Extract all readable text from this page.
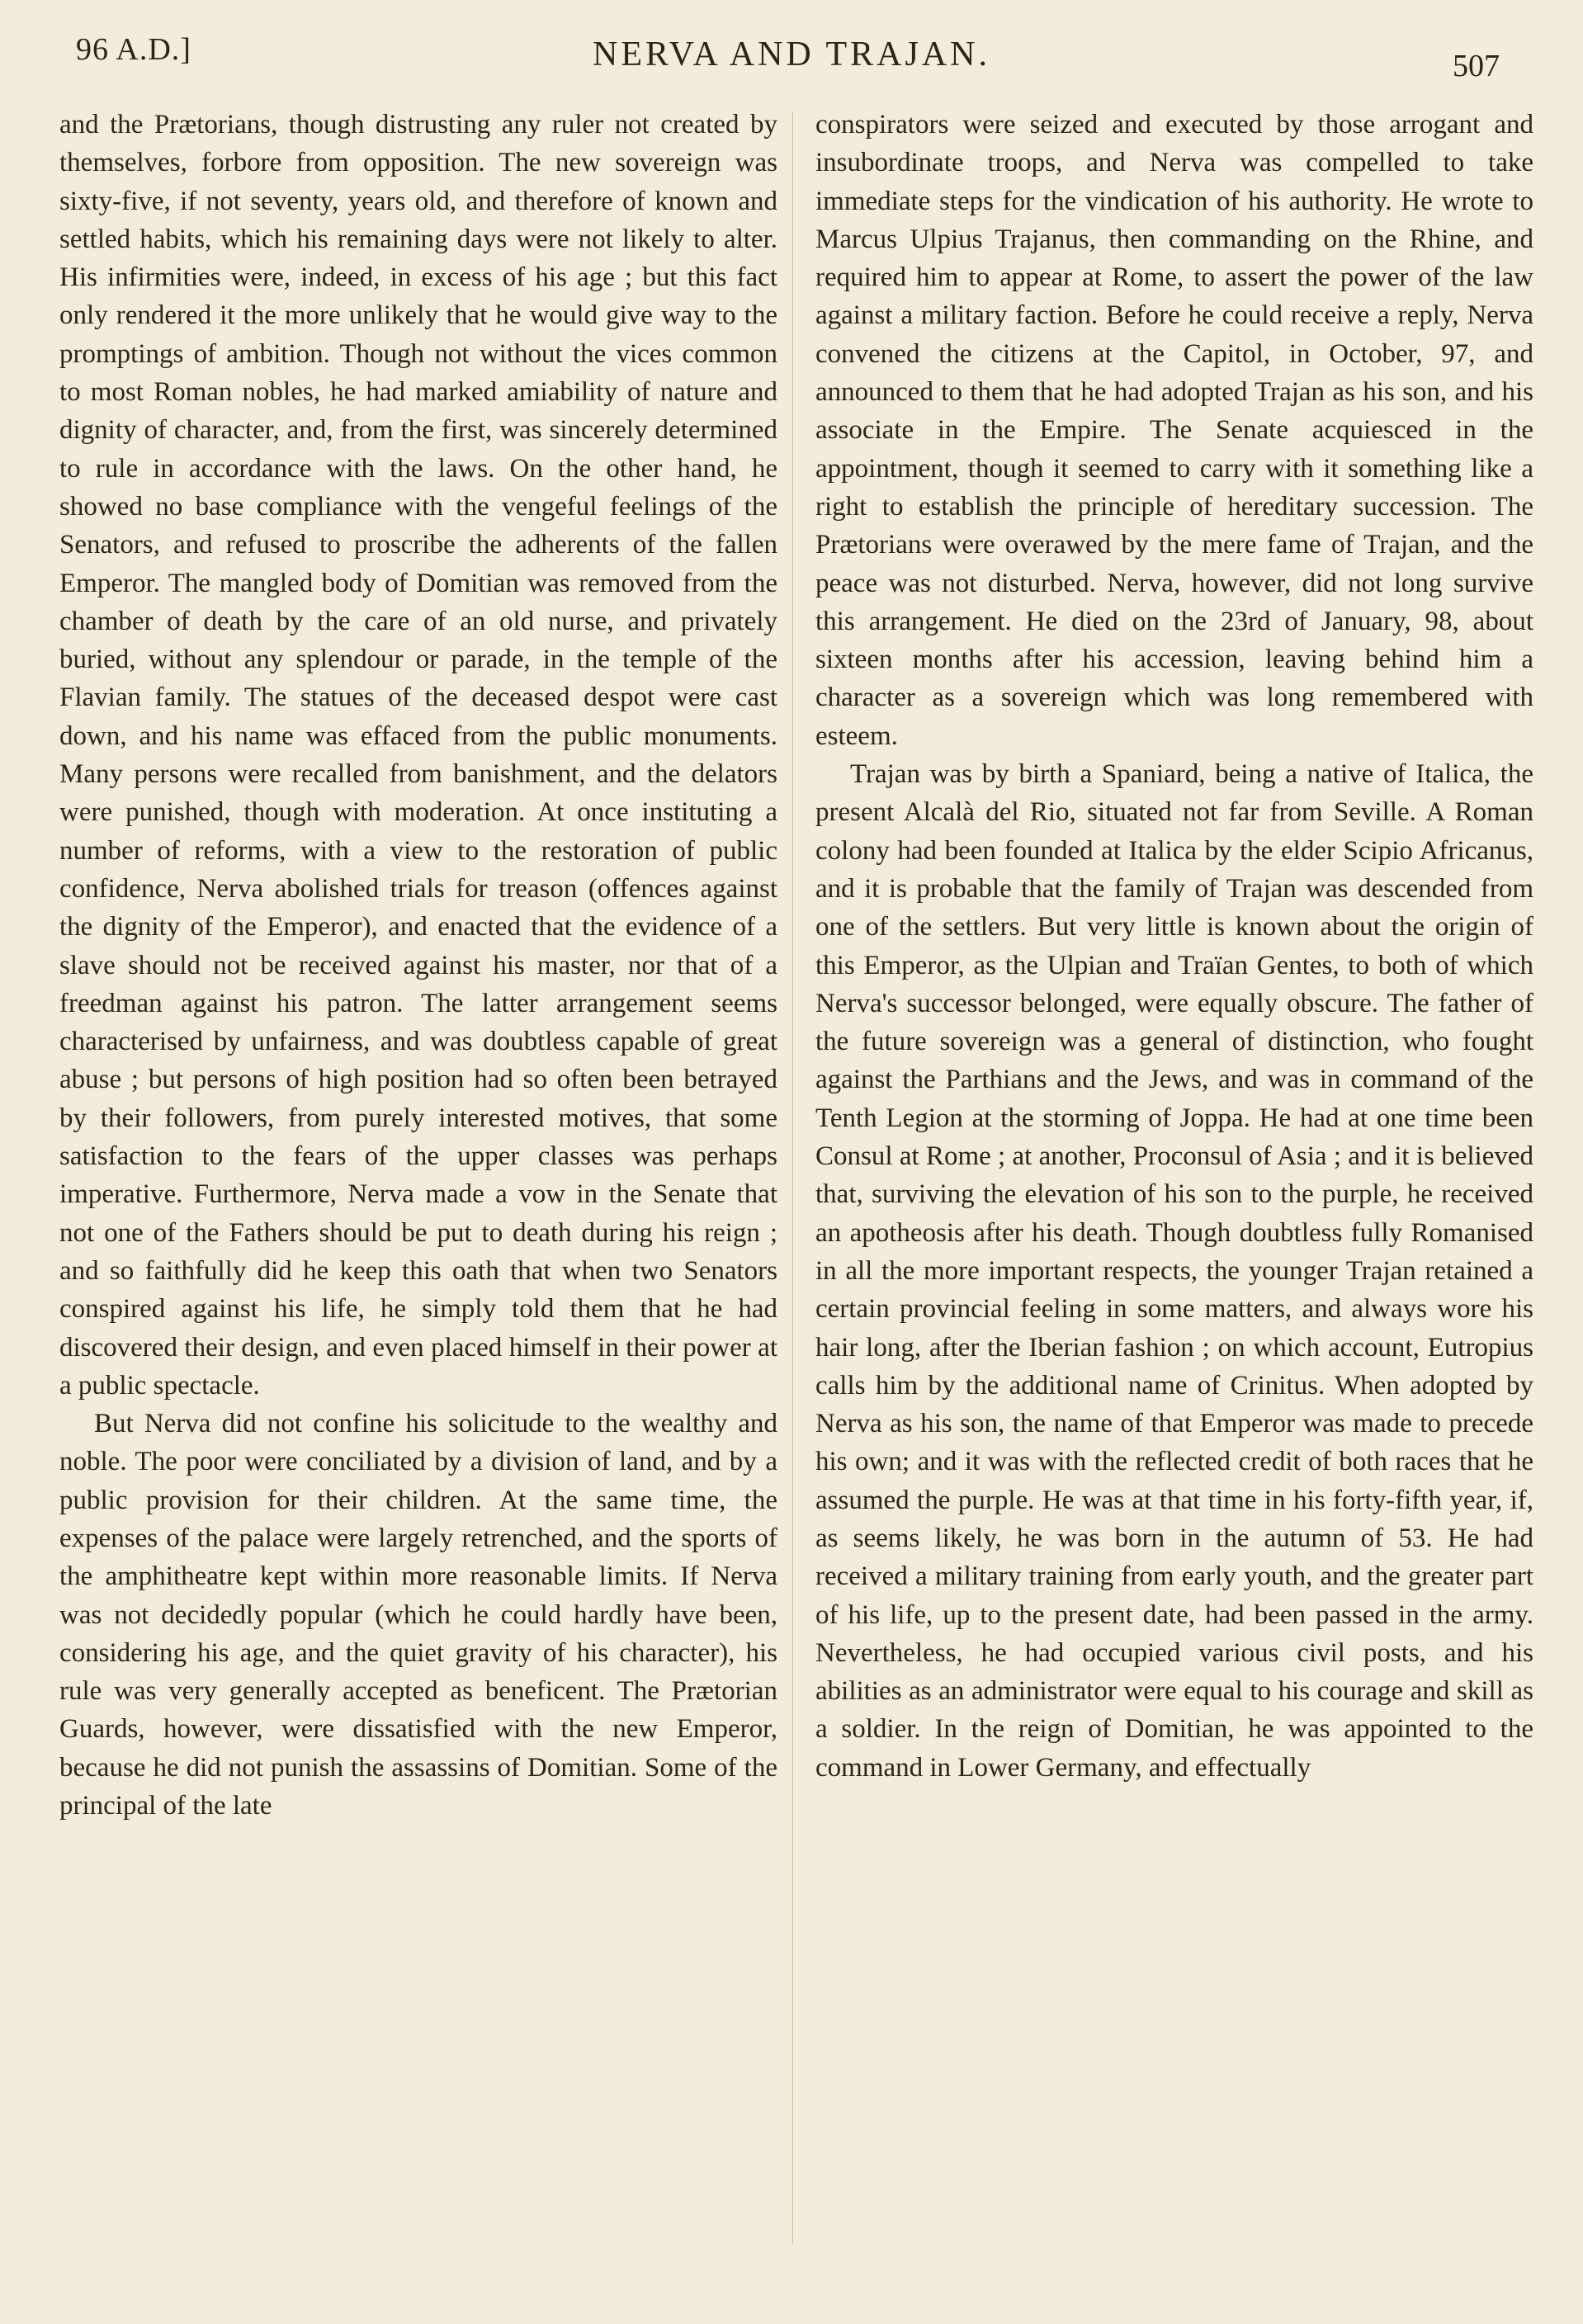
96 A.D.]	NERVA AND TRAJAN.	507

and the Prætorians, though distrusting any ruler not created by themselves, forbore from opposition. The new sovereign was sixty-five, if not seventy, years old, and therefore of known and settled habits, which his remaining days were not likely to alter. His infirmities were, indeed, in excess of his age ; but this fact only rendered it the more unlikely that he would give way to the promptings of ambition. Though not without the vices common to most Roman nobles, he had marked amiability of nature and dignity of character, and, from the first, was sincerely determined to rule in accordance with the laws. On the other hand, he showed no base compliance with the vengeful feelings of the Senators, and refused to proscribe the adherents of the fallen Emperor. The mangled body of Domitian was removed from the chamber of death by the care of an old nurse, and privately buried, without any splendour or parade, in the temple of the Flavian family. The statues of the deceased despot were cast down, and his name was effaced from the public monuments. Many persons were recalled from banishment, and the delators were punished, though with moderation. At once instituting a number of reforms, with a view to the restoration of public confidence, Nerva abolished trials for treason (offences against the dignity of the Emperor), and enacted that the evidence of a slave should not be received against his master, nor that of a freedman against his patron. The latter arrangement seems characterised by unfairness, and was doubtless capable of great abuse ; but persons of high position had so often been betrayed by their followers, from purely interested motives, that some satisfaction to the fears of the upper classes was perhaps imperative. Furthermore, Nerva made a vow in the Senate that not one of the Fathers should be put to death during his reign ; and so faithfully did he keep this oath that when two Senators conspired against his life, he simply told them that he had discovered their design, and even placed himself in their power at a public spectacle.

But Nerva did not confine his solicitude to the wealthy and noble. The poor were conciliated by a division of land, and by a public provision for their children. At the same time, the expenses of the palace were largely retrenched, and the sports of the amphitheatre kept within more reasonable limits. If Nerva was not decidedly popular (which he could hardly have been, considering his age, and the quiet gravity of his character), his rule was very generally accepted as beneficent. The Prætorian Guards, however, were dissatisfied with the new Emperor, because he did not punish the assassins of Domitian. Some of the principal of the late

conspirators were seized and executed by those arrogant and insubordinate troops, and Nerva was compelled to take immediate steps for the vindication of his authority. He wrote to Marcus Ulpius Trajanus, then commanding on the Rhine, and required him to appear at Rome, to assert the power of the law against a military faction. Before he could receive a reply, Nerva convened the citizens at the Capitol, in October, 97, and announced to them that he had adopted Trajan as his son, and his associate in the Empire. The Senate acquiesced in the appointment, though it seemed to carry with it something like a right to establish the principle of hereditary succession. The Prætorians were overawed by the mere fame of Trajan, and the peace was not disturbed. Nerva, however, did not long survive this arrangement. He died on the 23rd of January, 98, about sixteen months after his accession, leaving behind him a character as a sovereign which was long remembered with esteem.

Trajan was by birth a Spaniard, being a native of Italica, the present Alcalà del Rio, situated not far from Seville. A Roman colony had been founded at Italica by the elder Scipio Africanus, and it is probable that the family of Trajan was descended from one of the settlers. But very little is known about the origin of this Emperor, as the Ulpian and Traïan Gentes, to both of which Nerva's successor belonged, were equally obscure. The father of the future sovereign was a general of distinction, who fought against the Parthians and the Jews, and was in command of the Tenth Legion at the storming of Joppa. He had at one time been Consul at Rome ; at another, Proconsul of Asia ; and it is believed that, surviving the elevation of his son to the purple, he received an apotheosis after his death. Though doubtless fully Romanised in all the more important respects, the younger Trajan retained a certain provincial feeling in some matters, and always wore his hair long, after the Iberian fashion ; on which account, Eutropius calls him by the additional name of Crinitus. When adopted by Nerva as his son, the name of that Emperor was made to precede his own; and it was with the reflected credit of both races that he assumed the purple. He was at that time in his forty-fifth year, if, as seems likely, he was born in the autumn of 53. He had received a military training from early youth, and the greater part of his life, up to the present date, had been passed in the army. Nevertheless, he had occupied various civil posts, and his abilities as an administrator were equal to his courage and skill as a soldier. In the reign of Domitian, he was appointed to the command in Lower Germany, and effectually
